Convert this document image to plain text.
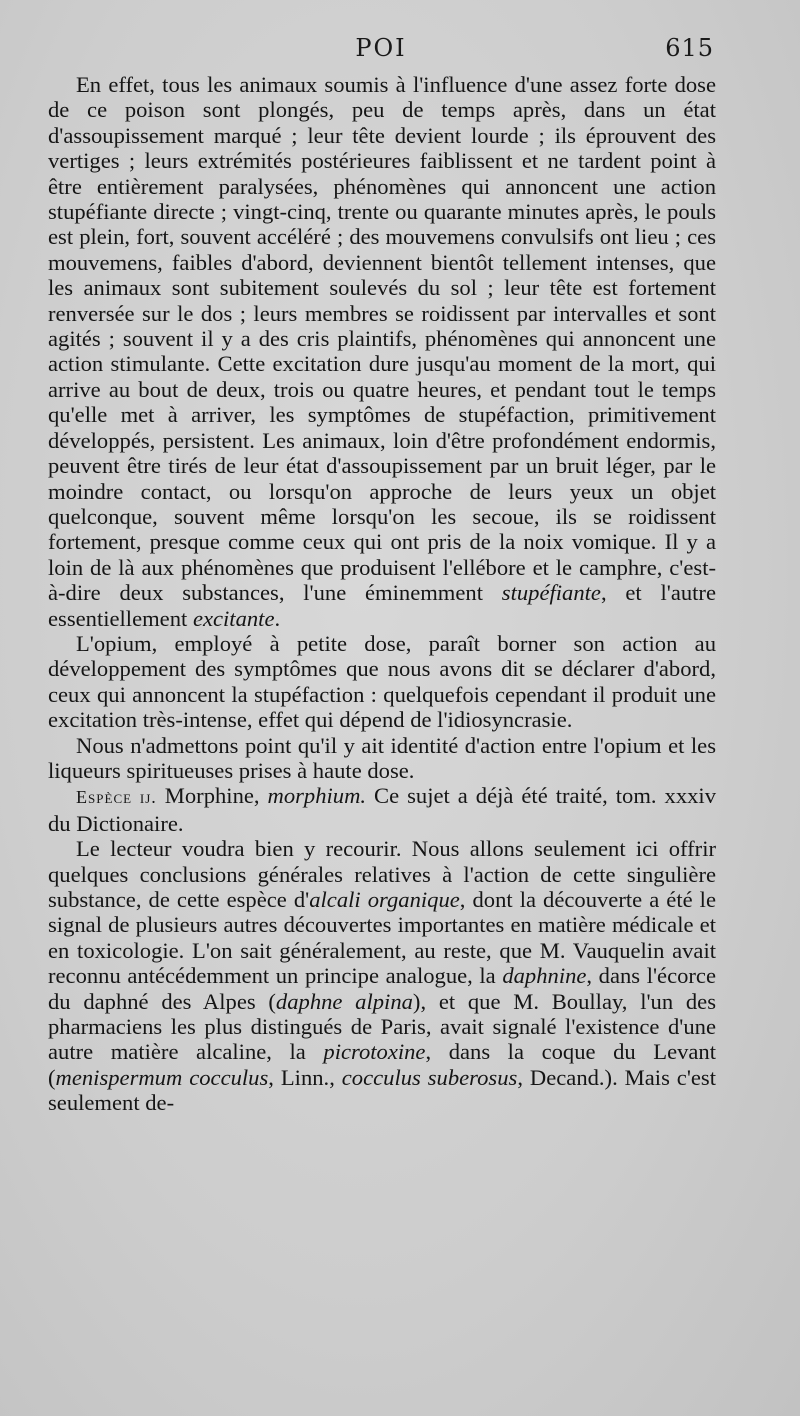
POI	615

En effet, tous les animaux soumis à l'influence d'une assez forte dose de ce poison sont plongés, peu de temps après, dans un état d'assoupissement marqué ; leur tête devient lourde ; ils éprouvent des vertiges ; leurs extrémités postérieures faiblissent et ne tardent point à être entièrement paralysées, phénomènes qui annoncent une action stupéfiante directe ; vingt-cinq, trente ou quarante minutes après, le pouls est plein, fort, souvent accéléré ; des mouvemens convulsifs ont lieu ; ces mouvemens, faibles d'abord, deviennent bientôt tellement intenses, que les animaux sont subitement soulevés du sol ; leur tête est fortement renversée sur le dos ; leurs membres se roidissent par intervalles et sont agités ; souvent il y a des cris plaintifs, phénomènes qui annoncent une action stimulante. Cette excitation dure jusqu'au moment de la mort, qui arrive au bout de deux, trois ou quatre heures, et pendant tout le temps qu'elle met à arriver, les symptômes de stupéfaction, primitivement développés, persistent. Les animaux, loin d'être profondément endormis, peuvent être tirés de leur état d'assoupissement par un bruit léger, par le moindre contact, ou lorsqu'on approche de leurs yeux un objet quelconque, souvent même lorsqu'on les secoue, ils se roidissent fortement, presque comme ceux qui ont pris de la noix vomique. Il y a loin de là aux phénomènes que produisent l'ellébore et le camphre, c'est-à-dire deux substances, l'une éminemment stupéfiante, et l'autre essentiellement excitante.

L'opium, employé à petite dose, paraît borner son action au développement des symptômes que nous avons dit se déclarer d'abord, ceux qui annoncent la stupéfaction : quelquefois cependant il produit une excitation très-intense, effet qui dépend de l'idiosyncrasie.

Nous n'admettons point qu'il y ait identité d'action entre l'opium et les liqueurs spiritueuses prises à haute dose.

Espèce ij. Morphine, morphium. Ce sujet a déjà été traité, tom. xxxiv du Dictionaire.

Le lecteur voudra bien y recourir. Nous allons seulement ici offrir quelques conclusions générales relatives à l'action de cette singulière substance, de cette espèce d'alcali organique, dont la découverte a été le signal de plusieurs autres découvertes importantes en matière médicale et en toxicologie. L'on sait généralement, au reste, que M. Vauquelin avait reconnu antécédemment un principe analogue, la daphnine, dans l'écorce du daphné des Alpes (daphne alpina), et que M. Boullay, l'un des pharmaciens les plus distingués de Paris, avait signalé l'existence d'une autre matière alcaline, la picrotoxine, dans la coque du Levant (menispermum cocculus, Linn., cocculus suberosus, Decand.). Mais c'est seulement de-
